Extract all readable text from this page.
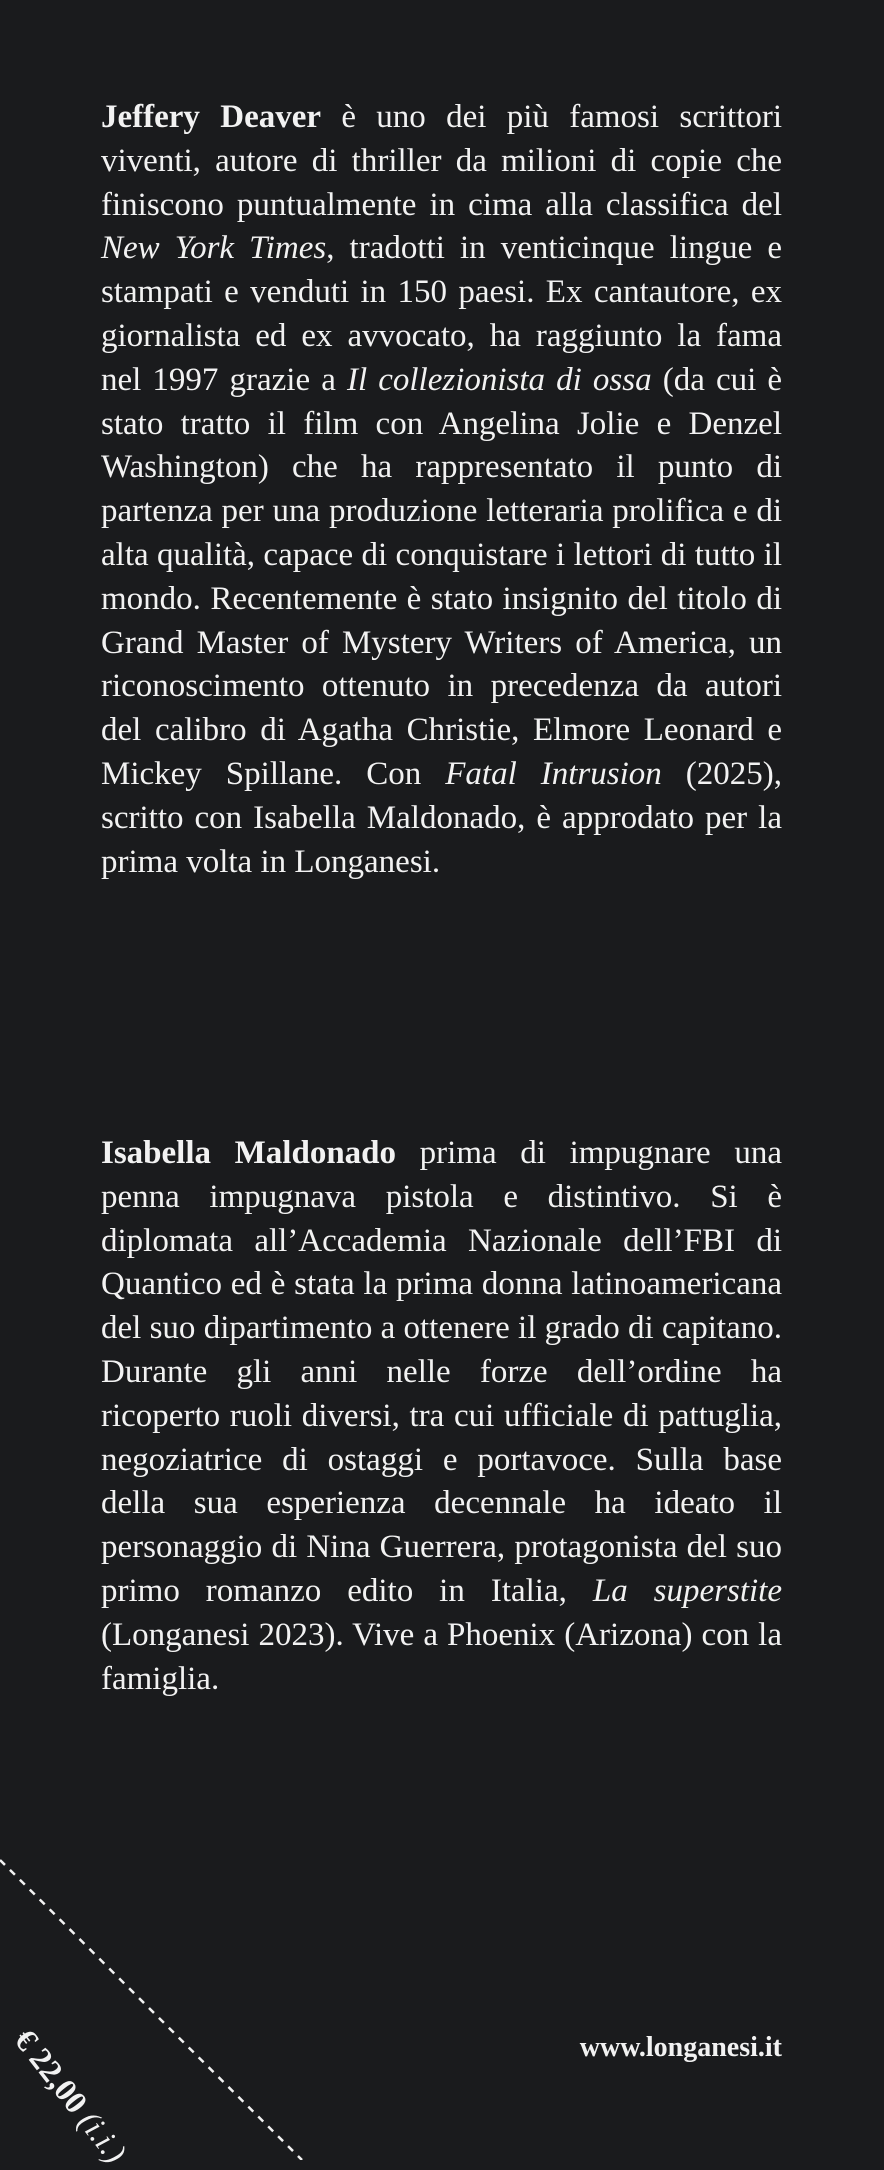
Jeffery Deaver è uno dei più famosi scrittori viventi, autore di thriller da milioni di copie che finiscono puntualmente in cima alla classifica del New York Times, tradotti in venticinque lingue e stampati e venduti in 150 paesi. Ex cantautore, ex giornalista ed ex avvocato, ha raggiunto la fama nel 1997 grazie a Il collezionista di ossa (da cui è stato tratto il film con Angelina Jolie e Denzel Washington) che ha rappresentato il punto di partenza per una produzione letteraria prolifica e di alta qualità, capace di conquistare i lettori di tutto il mondo. Recentemente è stato insignito del titolo di Grand Master of Mystery Writers of America, un riconoscimento ottenuto in precedenza da autori del calibro di Agatha Christie, Elmore Leonard e Mickey Spillane. Con Fatal Intrusion (2025), scritto con Isabella Maldonado, è approdato per la prima volta in Longanesi.

Isabella Maldonado prima di impugnare una penna impugnava pistola e distintivo. Si è diplomata all’Accademia Nazionale dell’FBI di Quantico ed è stata la prima donna latinoamericana del suo dipartimento a ottenere il grado di capitano. Durante gli anni nelle forze dell’ordine ha ricoperto ruoli diversi, tra cui ufficiale di pattuglia, negoziatrice di ostaggi e portavoce. Sulla base della sua esperienza decennale ha ideato il personaggio di Nina Guerrera, protagonista del suo primo romanzo edito in Italia, La superstite (Longanesi 2023). Vive a Phoenix (Arizona) con la famiglia.

€ 22,00 (i.i.)
www.longanesi.it
